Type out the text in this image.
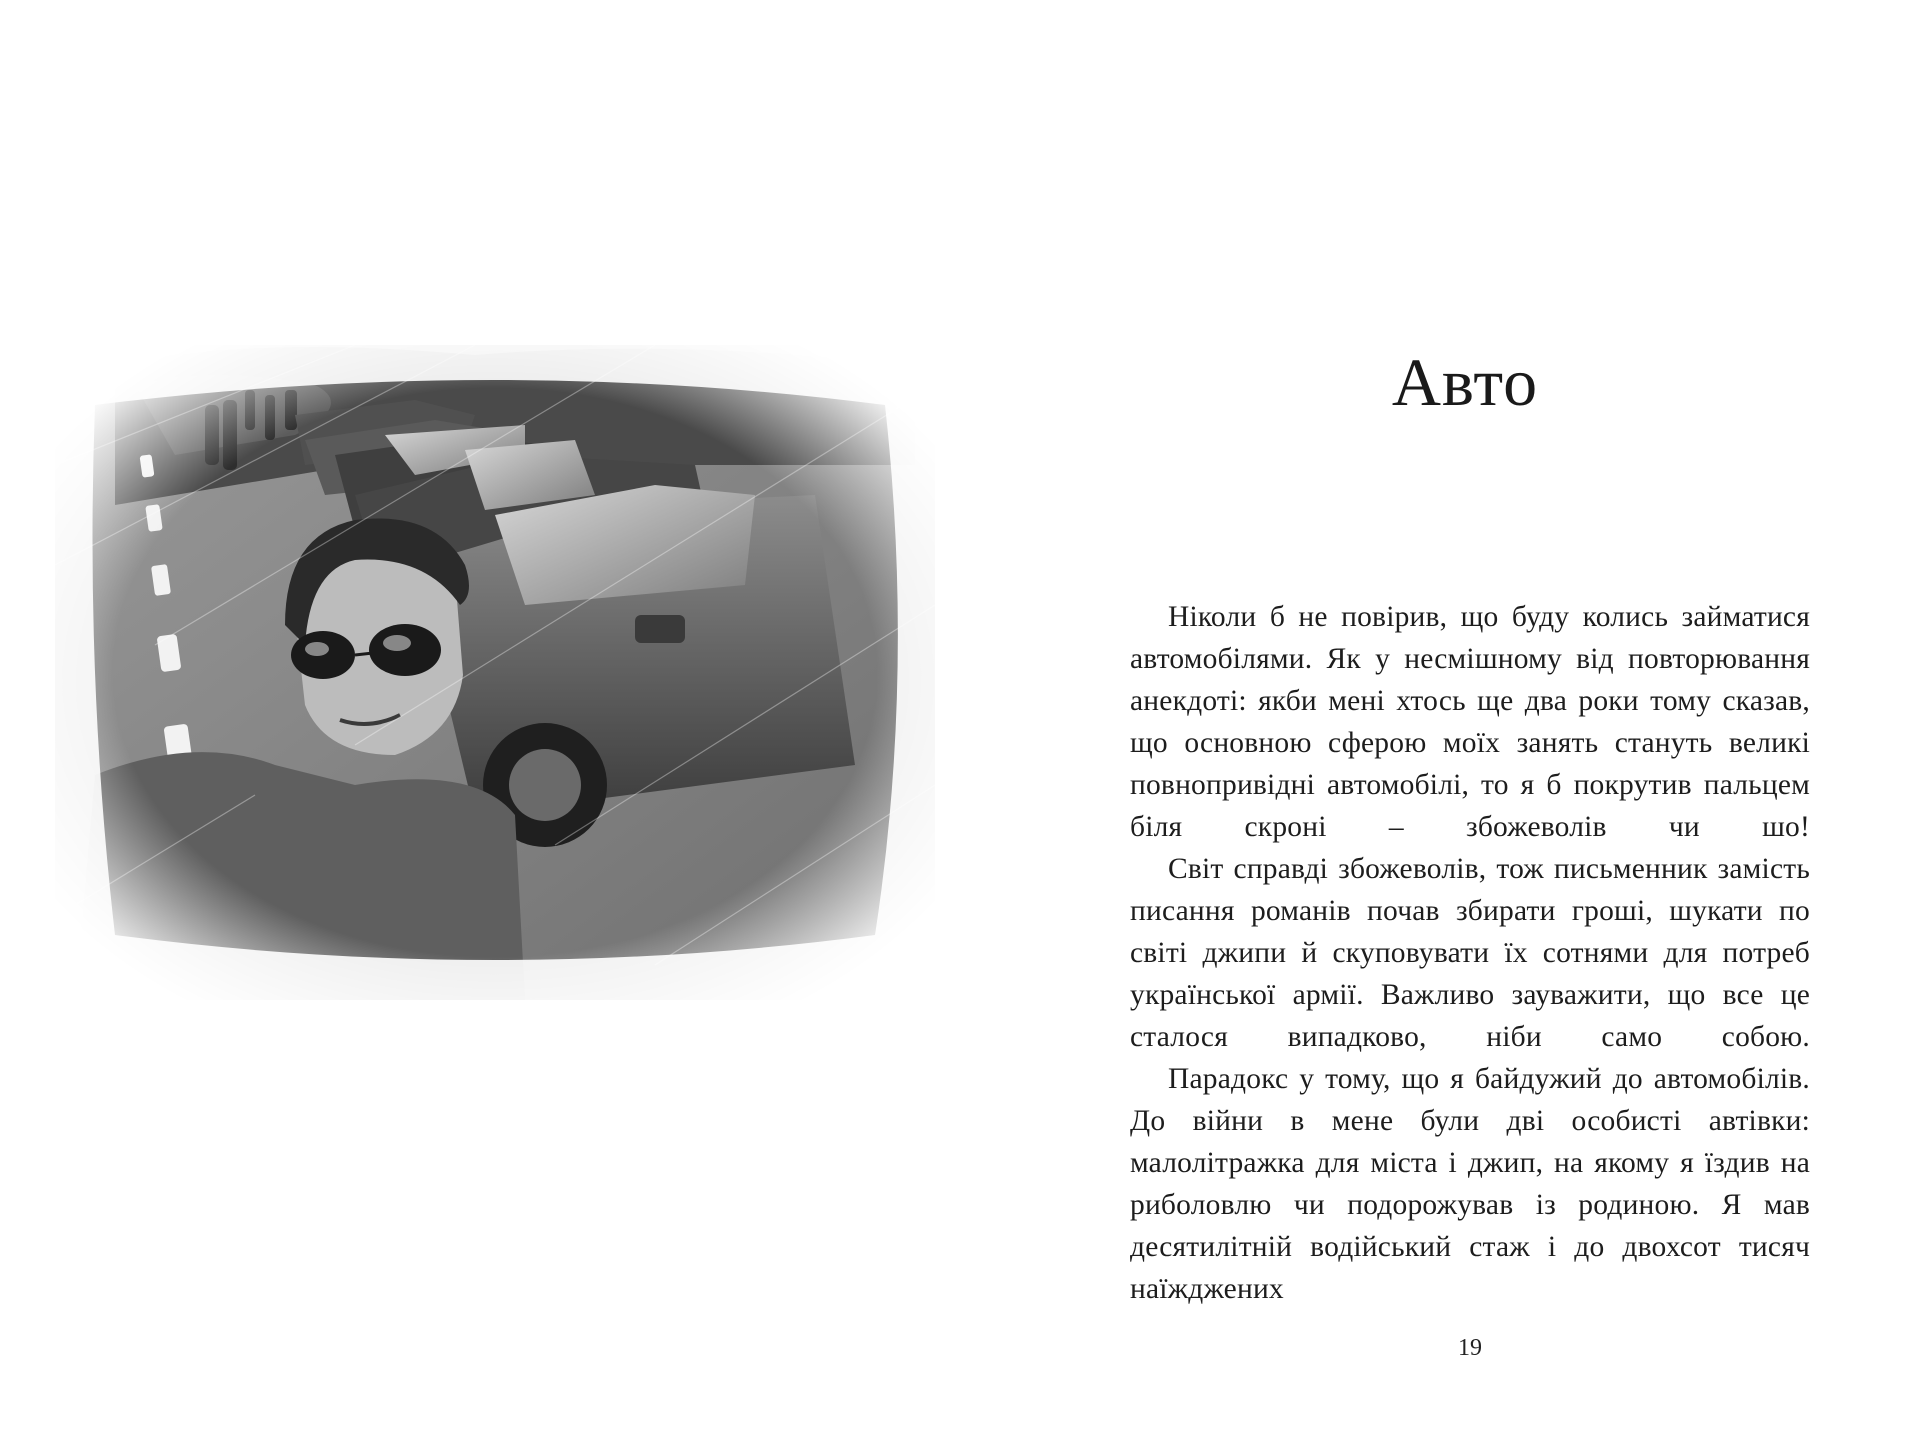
Авто

Ніколи б не повірив, що буду колись займатися автомобілями. Як у несмішному від повторювання анекдоті: якби мені хтось ще два роки тому сказав, що основною сферою моїх занять стануть великі повнопривідні автомобілі, то я б покрутив пальцем біля скроні – збожеволів чи шо!

Світ справді збожеволів, тож письменник замість писання романів почав збирати гроші, шукати по світі джипи й скуповувати їх сотнями для потреб української армії. Важливо зауважити, що все це сталося випадково, ніби само собою.

Парадокс у тому, що я байдужий до автомобілів. До війни в мене були дві особисті автівки: малолітражка для міста і джип, на якому я їздив на риболовлю чи подорожував із родиною. Я мав десятилітній водійський стаж і до двохсот тисяч наїжджених

19
